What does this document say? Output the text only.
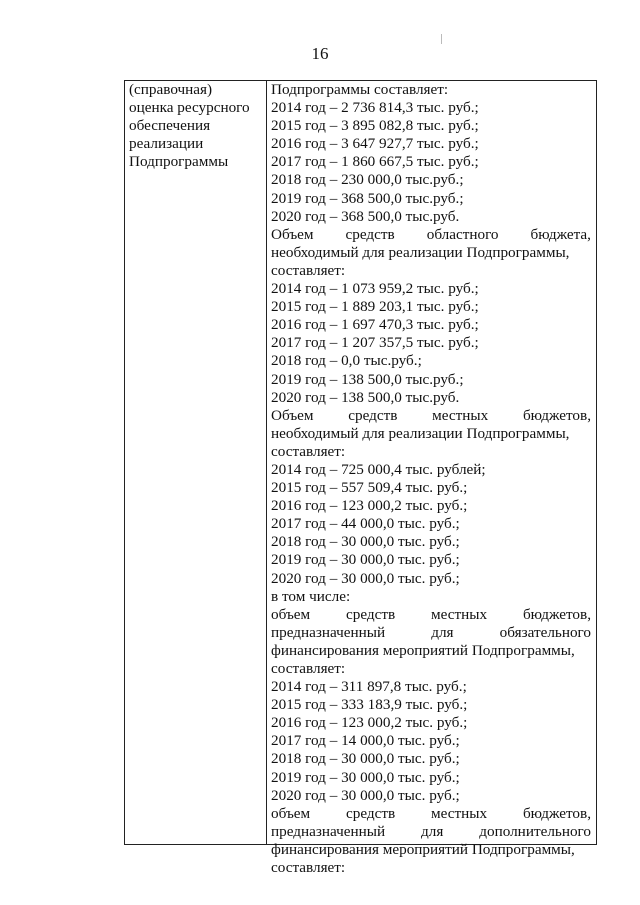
16
(справочная)
оценка ресурсного
обеспечения
реализации
Подпрограммы
Подпрограммы составляет:
2014 год – 2 736 814,3 тыс. руб.;
2015 год – 3 895 082,8 тыс. руб.;
2016 год – 3 647 927,7 тыс. руб.;
2017 год – 1 860 667,5 тыс. руб.;
2018 год – 230 000,0 тыс.руб.;
2019 год – 368 500,0 тыс.руб.;
2020 год – 368 500,0 тыс.руб.
Объем средств областного бюджета,
необходимый для реализации Подпрограммы,
составляет:
2014 год – 1 073 959,2 тыс. руб.;
2015 год – 1 889 203,1 тыс. руб.;
2016 год – 1 697 470,3 тыс. руб.;
2017 год – 1 207 357,5 тыс. руб.;
2018 год – 0,0 тыс.руб.;
2019 год – 138 500,0 тыс.руб.;
2020 год – 138 500,0 тыс.руб.
Объем средств местных бюджетов,
необходимый для реализации Подпрограммы,
составляет:
2014 год – 725 000,4 тыс. рублей;
2015 год – 557 509,4 тыс. руб.;
2016 год – 123 000,2 тыс. руб.;
2017 год – 44 000,0 тыс. руб.;
2018 год – 30 000,0 тыс. руб.;
2019 год – 30 000,0 тыс. руб.;
2020 год – 30 000,0 тыс. руб.;
в том числе:
объем средств местных бюджетов,
предназначенный	для	обязательного
финансирования мероприятий Подпрограммы,
составляет:
2014 год – 311 897,8 тыс. руб.;
2015 год – 333 183,9 тыс. руб.;
2016 год – 123 000,2 тыс. руб.;
2017 год – 14 000,0 тыс. руб.;
2018 год – 30 000,0 тыс. руб.;
2019 год – 30 000,0 тыс. руб.;
2020 год – 30 000,0 тыс. руб.;
объем средств местных бюджетов,
предназначенный для дополнительного
финансирования мероприятий Подпрограммы,
составляет:
